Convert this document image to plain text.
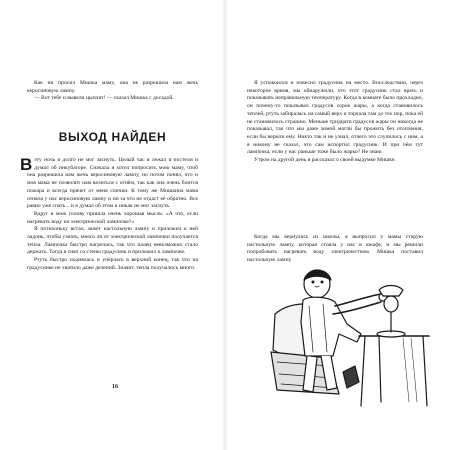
Как ни просил Мишка маму, она не разрешила нам жечь керосиновую лампу.

— Вот тебе и вывели цыплят! — сказал Мишка с досадой.

ВЫХОД НАЙДЕН

Вэту ночь я долго не мог заснуть. Целый час я лежал в постели и думал об инкубаторе. Сначала я хотел попросить мою маму, чтоб она разрешила нам жечь керосиновую лампу, но потом понял, что и моя мама не позволит нам возиться с огнём, так как она очень боится пожара и всегда прячет от меня спички. К тому же Мишкина мама отняла у нас керосиновую лампу и ни за что не отдаст её обратно. Все равно уже спать... и я думал об этом и никак не мог заснуть.

Вдруг в мою голову пришла очень хорошая мысль: «А что, если нагревать воду на электрической лампочке?»

Я потихоньку встал, зажёг настольную лампу и приложил к ней ладонь, чтобы узнать, много ли от электрической лампочки получается тепла. Лампочка быстро нагрелась, так что палец невозможно стало держать. Тогда я снял со стены градусник и приложил к лампочке.

Ртуть быстро поднялась и упёрлась в верхний конец, так что на градуснике не хватило даже делений. Значит, тепла получалось много.

16

Я успокоился и повесил градусник на место. Впоследствии, через некоторое время, мы обнаружили, что этот градусник стал врать и показывать неправильную температуру. Когда в комнате было прохладно, он почему-то показывал градусов сорок жары, а когда становилось теплей, ртуть забиралась на самый верх и торчала там до тех пор, пока ей не становилось страшно. Меньше тридцати градусов жары он никогда не показывал, так что мы даже зимой могли бы прожить без отопления, если бы верили ему. Никто так и не узнал, отчего это случилось с ним, а я никому не сказал, что сам испортил градусник. И при чём тут лампочка, если у нас раньше тоже было жарко? Не знаю.

Утром на другой день я рассказал о своей выдумке Мишке.

Когда мы вернулись из школы, я выпросил у мамы старую настольную лампу, которая стояла у нас в шкафу, и мы решили попробовать нагревать воду электричеством. Мишка поставил настольную лампу
